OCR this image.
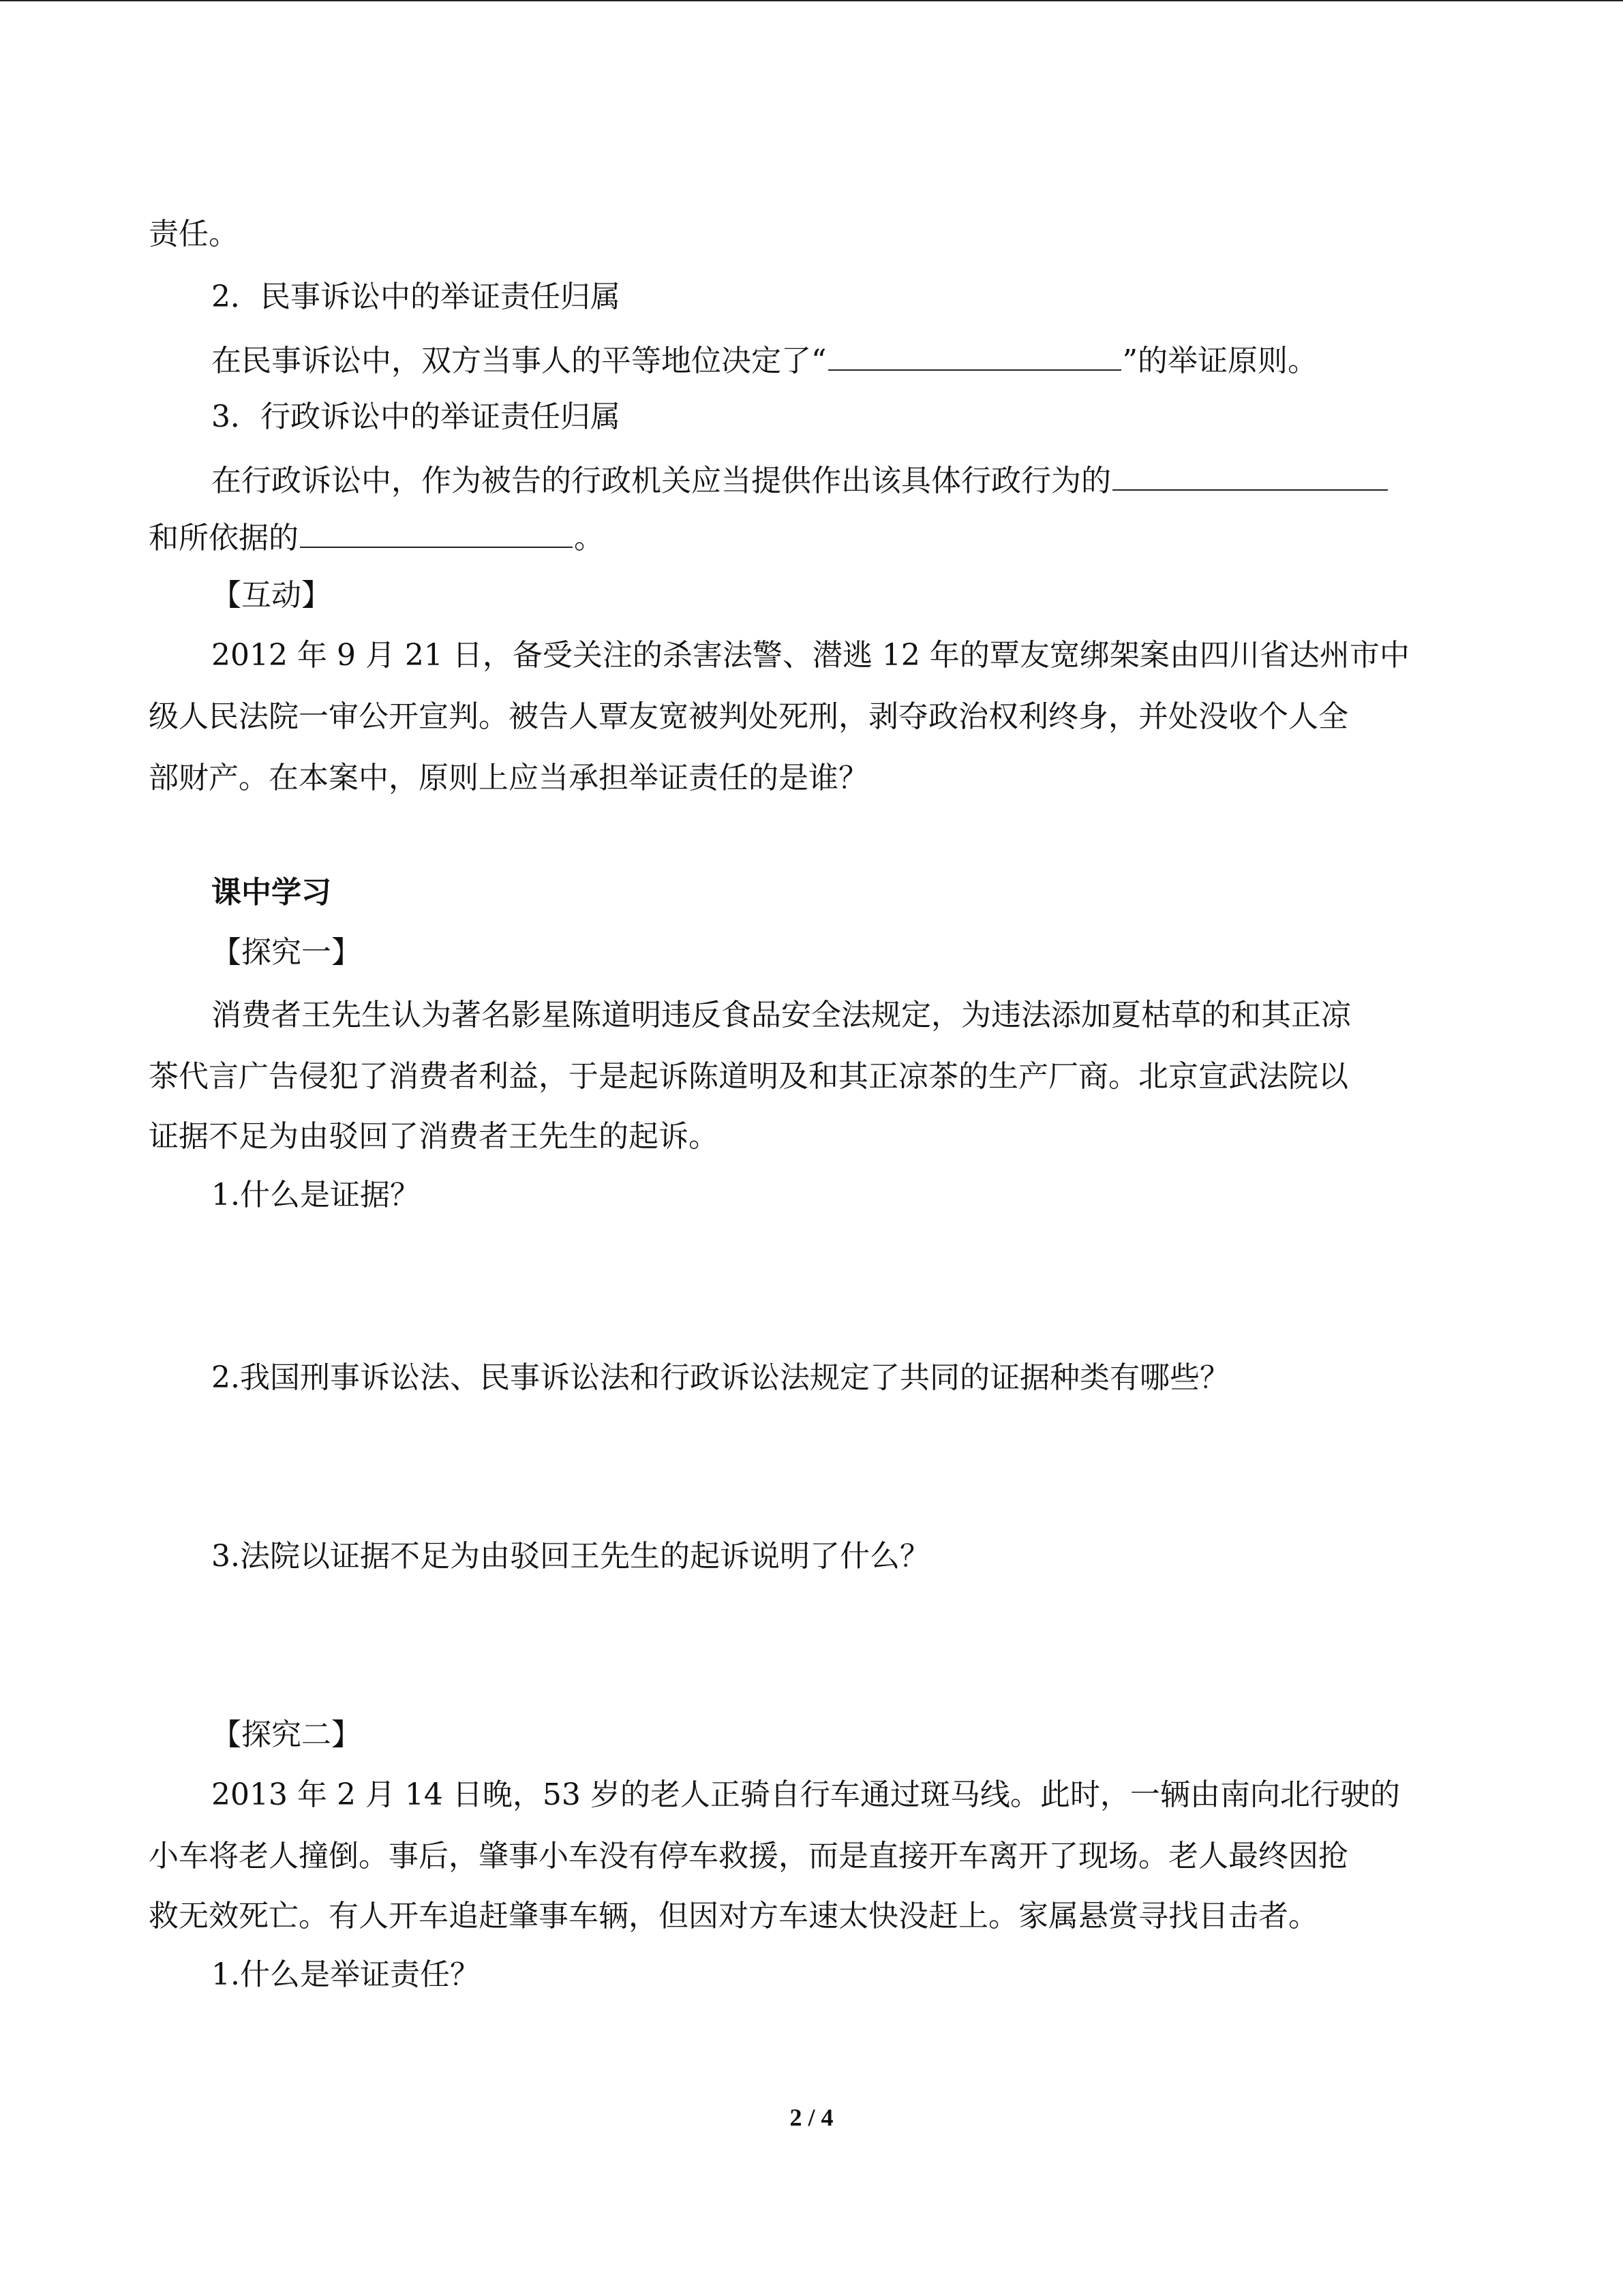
责任。
2．民事诉讼中的举证责任归属
在民事诉讼中，双方当事人的平等地位决定了“	”的举证原则。
3．行政诉讼中的举证责任归属
在行政诉讼中，作为被告的行政机关应当提供作出该具体行政行为的
和所依据的	。
【互动】
2012 年 9 月 21 日，备受关注的杀害法警、潜逃 12 年的覃友宽绑架案由四川省达州市中
级人民法院一审公开宣判。被告人覃友宽被判处死刑，剥夺政治权利终身，并处没收个人全
部财产。在本案中，原则上应当承担举证责任的是谁？
课中学习
【探究一】
消费者王先生认为著名影星陈道明违反食品安全法规定，为违法添加夏枯草的和其正凉
茶代言广告侵犯了消费者利益，于是起诉陈道明及和其正凉茶的生产厂商。北京宣武法院以
证据不足为由驳回了消费者王先生的起诉。
1.什么是证据？
2.我国刑事诉讼法、民事诉讼法和行政诉讼法规定了共同的证据种类有哪些？
3.法院以证据不足为由驳回王先生的起诉说明了什么？
【探究二】
2013 年 2 月 14 日晚，53 岁的老人正骑自行车通过斑马线。此时，一辆由南向北行驶的
小车将老人撞倒。事后，肇事小车没有停车救援，而是直接开车离开了现场。老人最终因抢
救无效死亡。有人开车追赶肇事车辆，但因对方车速太快没赶上。家属悬赏寻找目击者。
1.什么是举证责任？
2 / 4
